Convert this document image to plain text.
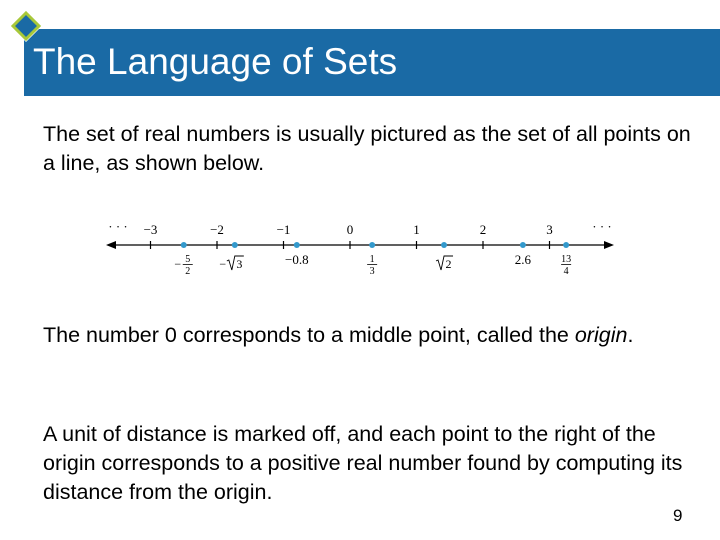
The Language of Sets

The set of real numbers is usually pictured as the set of all points on a line, as shown below.

· · ·	· · ·
−3	−2	−1	0	1	2	3
− 5
2
− 3	−0.8	1
3
2	2.6	13
4

The number 0 corresponds to a middle point, called the origin.

A unit of distance is marked off, and each point to the right of the origin corresponds to a positive real number found by computing its distance from the origin.

9
